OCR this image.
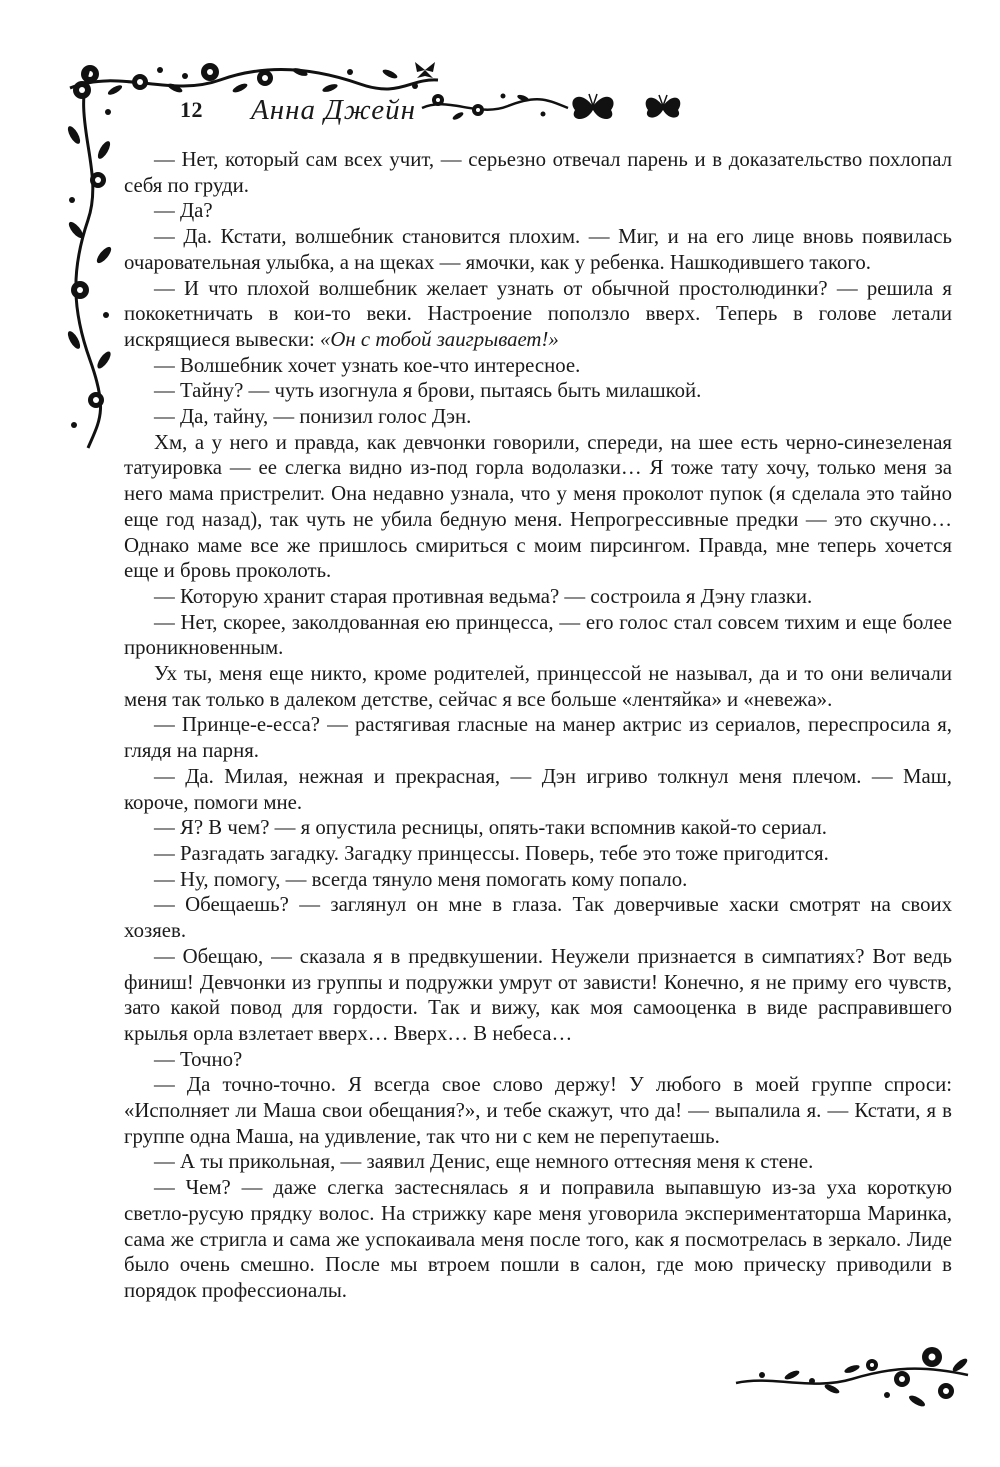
12 Анна Джейн

— Нет, который сам всех учит, — серьезно отвечал парень и в доказательство похлопал себя по груди.

— Да?

— Да. Кстати, волшебник становится плохим. — Миг, и на его лице вновь появилась очаровательная улыбка, а на щеках — ямочки, как у ребенка. Нашкодившего такого.

— И что плохой волшебник желает узнать от обычной простолюдинки? — решила я пококетничать в кои-то веки. Настроение поползло вверх. Теперь в голове летали искрящиеся вывески: «Он с тобой заигрывает!»

— Волшебник хочет узнать кое-что интересное.

— Тайну? — чуть изогнула я брови, пытаясь быть милашкой.

— Да, тайну, — понизил голос Дэн.

Хм, а у него и правда, как девчонки говорили, спереди, на шее есть черно-синезеленая татуировка — ее слегка видно из-под горла водолазки… Я тоже тату хочу, только меня за него мама пристрелит. Она недавно узнала, что у меня проколот пупок (я сделала это тайно еще год назад), так чуть не убила бедную меня. Непрогрессивные предки — это скучно… Однако маме все же пришлось смириться с моим пирсингом. Правда, мне теперь хочется еще и бровь проколоть.

— Которую хранит старая противная ведьма? — состроила я Дэну глазки.

— Нет, скорее, заколдованная ею принцесса, — его голос стал совсем тихим и еще более проникновенным.

Ух ты, меня еще никто, кроме родителей, принцессой не называл, да и то они величали меня так только в далеком детстве, сейчас я все больше «лентяйка» и «невежа».

— Принце-е-есса? — растягивая гласные на манер актрис из сериалов, переспросила я, глядя на парня.

— Да. Милая, нежная и прекрасная, — Дэн игриво толкнул меня плечом. — Маш, короче, помоги мне.

— Я? В чем? — я опустила ресницы, опять-таки вспомнив какой-то сериал.

— Разгадать загадку. Загадку принцессы. Поверь, тебе это тоже пригодится.

— Ну, помогу, — всегда тянуло меня помогать кому попало.

— Обещаешь? — заглянул он мне в глаза. Так доверчивые хаски смотрят на своих хозяев.

— Обещаю, — сказала я в предвкушении. Неужели признается в симпатиях? Вот ведь финиш! Девчонки из группы и подружки умрут от зависти! Конечно, я не приму его чувств, зато какой повод для гордости. Так и вижу, как моя самооценка в виде расправившего крылья орла взлетает вверх… Вверх… В небеса…

— Точно?

— Да точно-точно. Я всегда свое слово держу! У любого в моей группе спроси: «Исполняет ли Маша свои обещания?», и тебе скажут, что да! — выпалила я. — Кстати, я в группе одна Маша, на удивление, так что ни с кем не перепутаешь.

— А ты прикольная, — заявил Денис, еще немного оттесняя меня к стене.

— Чем? — даже слегка застеснялась я и поправила выпавшую из-за уха короткую светло-русую прядку волос. На стрижку каре меня уговорила экспериментаторша Маринка, сама же стригла и сама же успокаивала меня после того, как я посмотрелась в зеркало. Лиде было очень смешно. После мы втроем пошли в салон, где мою прическу приводили в порядок профессионалы.
